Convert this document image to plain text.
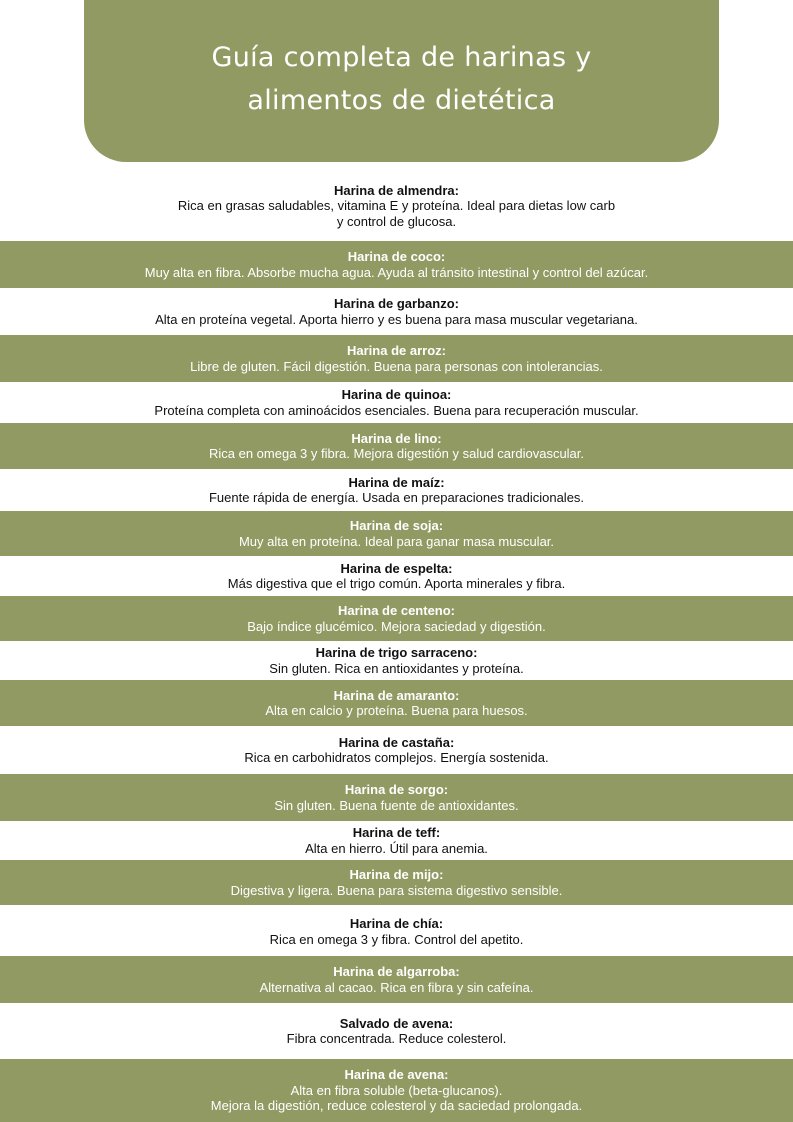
Guía completa de harinas y
alimentos de dietética
Harina de almendra:
Rica en grasas saludables, vitamina E y proteína. Ideal para dietas low carb
y control de glucosa.
Harina de coco:
Muy alta en fibra. Absorbe mucha agua. Ayuda al tránsito intestinal y control del azúcar.
Harina de garbanzo:
Alta en proteína vegetal. Aporta hierro y es buena para masa muscular vegetariana.
Harina de arroz:
Libre de gluten. Fácil digestión. Buena para personas con intolerancias.
Harina de quinoa:
Proteína completa con aminoácidos esenciales. Buena para recuperación muscular.
Harina de lino:
Rica en omega 3 y fibra. Mejora digestión y salud cardiovascular.
Harina de maíz:
Fuente rápida de energía. Usada en preparaciones tradicionales.
Harina de soja:
Muy alta en proteína. Ideal para ganar masa muscular.
Harina de espelta:
Más digestiva que el trigo común. Aporta minerales y fibra.
Harina de centeno:
Bajo índice glucémico. Mejora saciedad y digestión.
Harina de trigo sarraceno:
Sin gluten. Rica en antioxidantes y proteína.
Harina de amaranto:
Alta en calcio y proteína. Buena para huesos.
Harina de castaña:
Rica en carbohidratos complejos. Energía sostenida.
Harina de sorgo:
Sin gluten. Buena fuente de antioxidantes.
Harina de teff:
Alta en hierro. Útil para anemia.
Harina de mijo:
Digestiva y ligera. Buena para sistema digestivo sensible.
Harina de chía:
Rica en omega 3 y fibra. Control del apetito.
Harina de algarroba:
Alternativa al cacao. Rica en fibra y sin cafeína.
Salvado de avena:
Fibra concentrada. Reduce colesterol.
Harina de avena:
Alta en fibra soluble (beta-glucanos).
Mejora la digestión, reduce colesterol y da saciedad prolongada.
